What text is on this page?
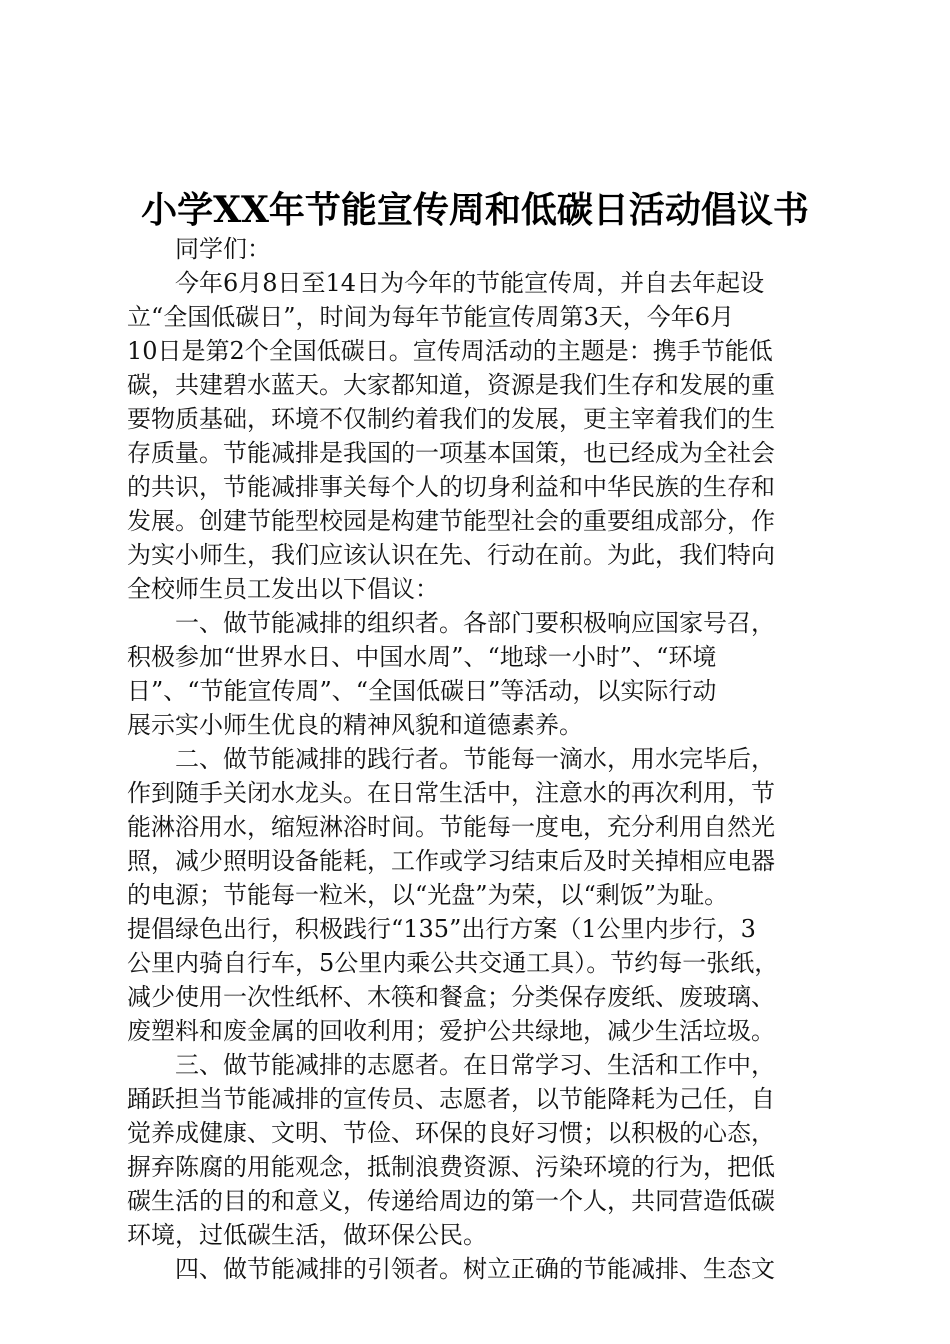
小学XX年节能宣传周和低碳日活动倡议书
同学们：
今年6月8日至14日为今年的节能宣传周，并自去年起设
立“全国低碳日”，时间为每年节能宣传周第3天，今年6月
10日是第2个全国低碳日。宣传周活动的主题是：携手节能低
碳，共建碧水蓝天。大家都知道，资源是我们生存和发展的重
要物质基础，环境不仅制约着我们的发展，更主宰着我们的生
存质量。节能减排是我国的一项基本国策，也已经成为全社会
的共识，节能减排事关每个人的切身利益和中华民族的生存和
发展。创建节能型校园是构建节能型社会的重要组成部分，作
为实小师生，我们应该认识在先、行动在前。为此，我们特向
全校师生员工发出以下倡议：
一、做节能减排的组织者。各部门要积极响应国家号召，
积极参加“世界水日、中国水周”、“地球一小时”、“环境
日”、“节能宣传周”、“全国低碳日”等活动，以实际行动
展示实小师生优良的精神风貌和道德素养。
二、做节能减排的践行者。节能每一滴水，用水完毕后，
作到随手关闭水龙头。在日常生活中，注意水的再次利用，节
能淋浴用水，缩短淋浴时间。节能每一度电，充分利用自然光
照，减少照明设备能耗，工作或学习结束后及时关掉相应电器
的电源；节能每一粒米，以“光盘”为荣，以“剩饭”为耻。
提倡绿色出行，积极践行“135”出行方案（1公里内步行，3
公里内骑自行车，5公里内乘公共交通工具）。节约每一张纸，
减少使用一次性纸杯、木筷和餐盒；分类保存废纸、废玻璃、
废塑料和废金属的回收利用；爱护公共绿地，减少生活垃圾。
三、做节能减排的志愿者。在日常学习、生活和工作中，
踊跃担当节能减排的宣传员、志愿者，以节能降耗为己任，自
觉养成健康、文明、节俭、环保的良好习惯；以积极的心态，
摒弃陈腐的用能观念，抵制浪费资源、污染环境的行为，把低
碳生活的目的和意义，传递给周边的第一个人，共同营造低碳
环境，过低碳生活，做环保公民。
四、做节能减排的引领者。树立正确的节能减排、生态文
